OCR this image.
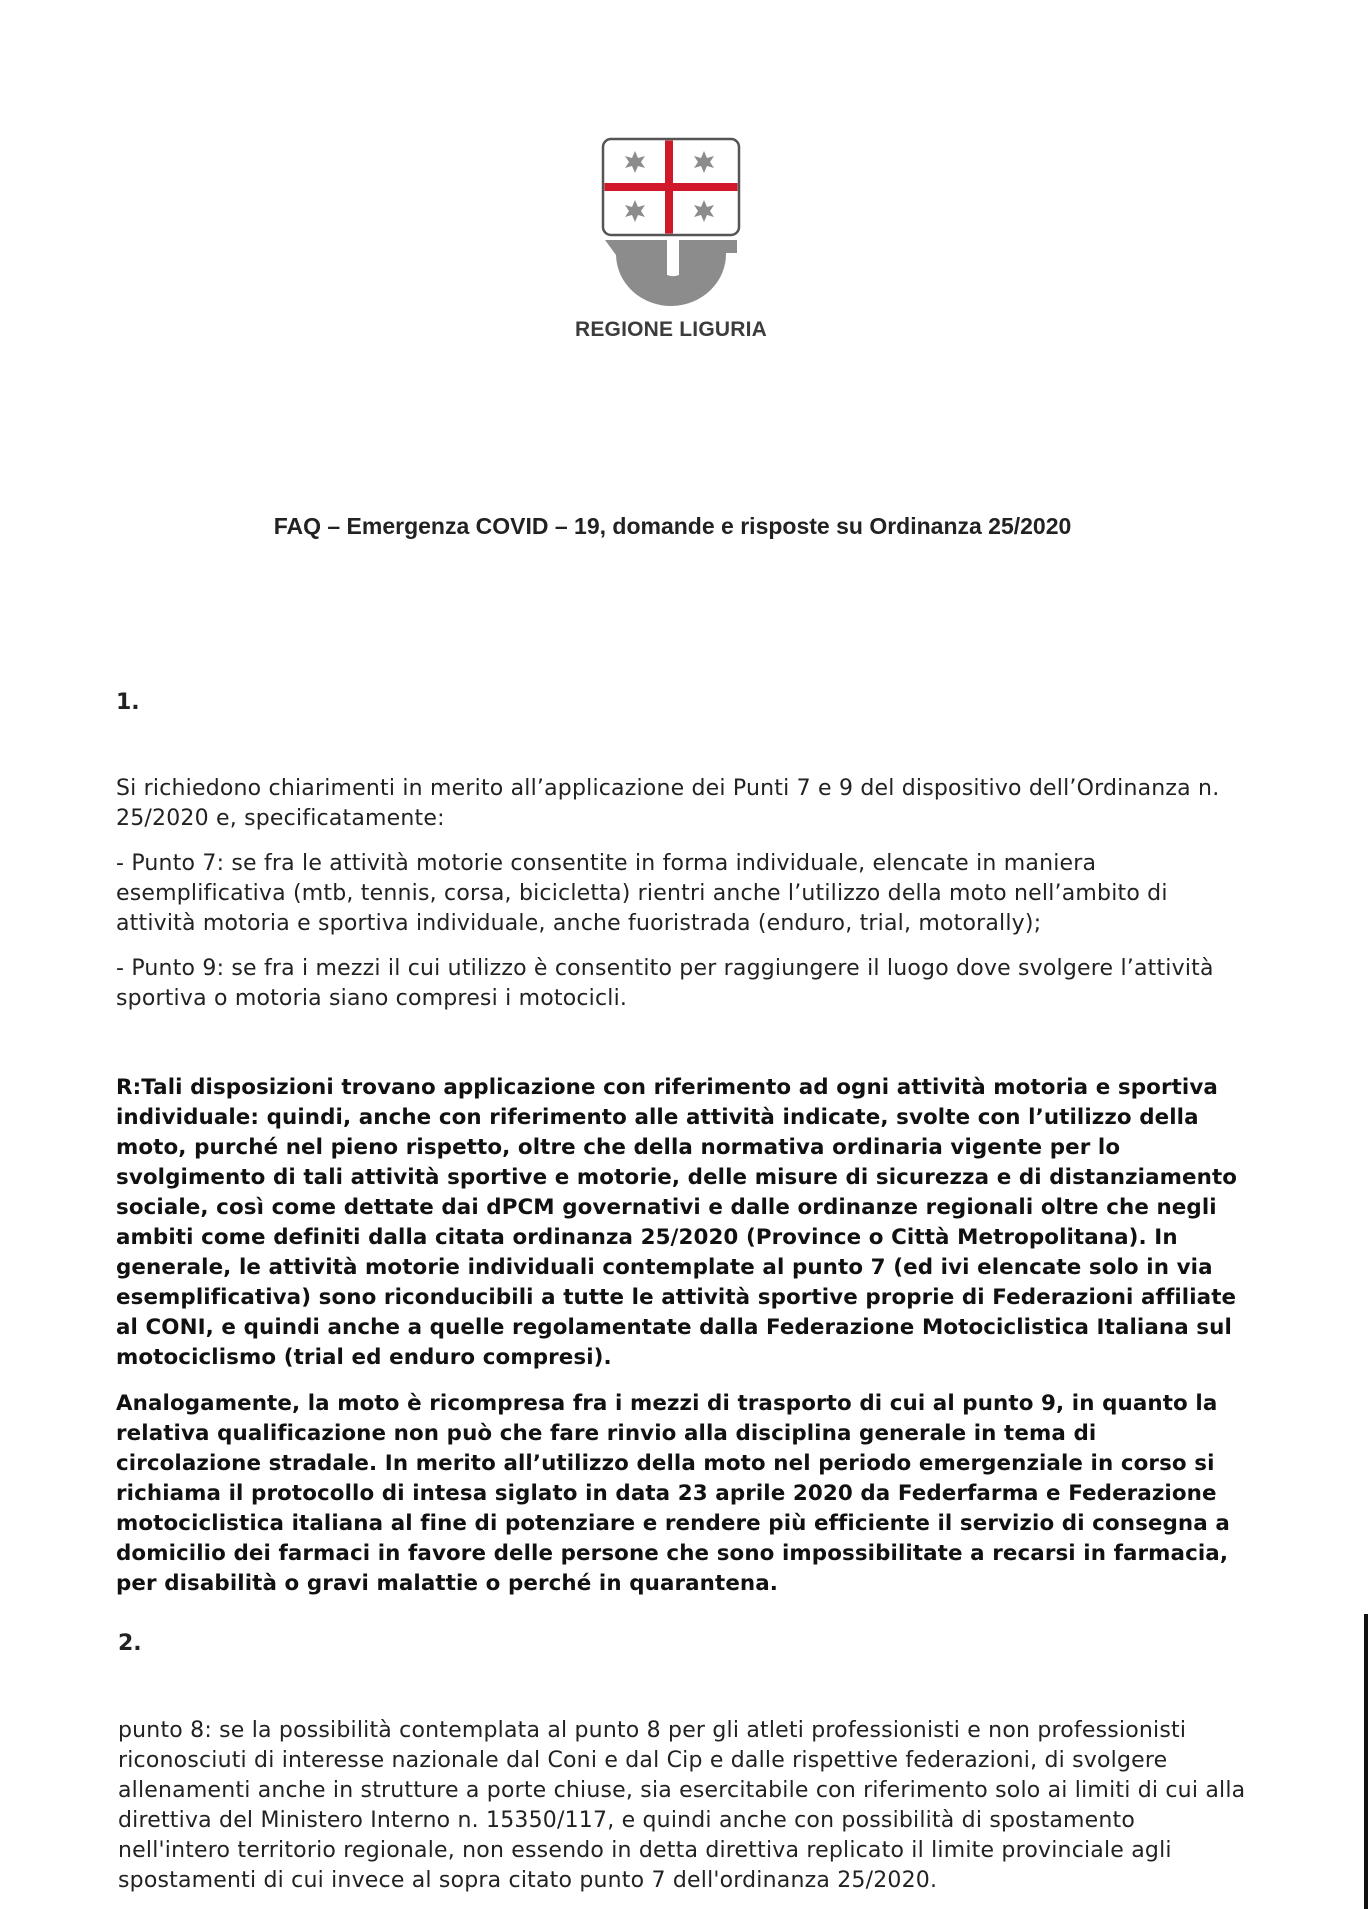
REGIONE LIGURIA
FAQ – Emergenza COVID – 19, domande e risposte su Ordinanza 25/2020
1.

Si richiedono chiarimenti in merito all’applicazione dei Punti 7 e 9 del dispositivo dell’Ordinanza n. 25/2020 e, specificatamente:

- Punto 7: se fra le attività motorie consentite in forma individuale, elencate in maniera esemplificativa (mtb, tennis, corsa, bicicletta) rientri anche l’utilizzo della moto nell’ambito di attività motoria e sportiva individuale, anche fuoristrada (enduro, trial, motorally);

- Punto 9: se fra i mezzi il cui utilizzo è consentito per raggiungere il luogo dove svolgere l’attività sportiva o motoria siano compresi i motocicli.

R:Tali disposizioni trovano applicazione con riferimento ad ogni attività motoria e sportiva individuale: quindi, anche con riferimento alle attività indicate, svolte con l’utilizzo della moto, purché nel pieno rispetto, oltre che della normativa ordinaria vigente per lo svolgimento di tali attività sportive e motorie, delle misure di sicurezza e di distanziamento sociale, così come dettate dai dPCM governativi e dalle ordinanze regionali oltre che negli ambiti come definiti dalla citata ordinanza 25/2020 (Province o Città Metropolitana). In generale, le attività motorie individuali contemplate al punto 7 (ed ivi elencate solo in via esemplificativa) sono riconducibili a tutte le attività sportive proprie di Federazioni affiliate al CONI, e quindi anche a quelle regolamentate dalla Federazione Motociclistica Italiana sul motociclismo (trial ed enduro compresi).

Analogamente, la moto è ricompresa fra i mezzi di trasporto di cui al punto 9, in quanto la relativa qualificazione non può che fare rinvio alla disciplina generale in tema di circolazione stradale. In merito all’utilizzo della moto nel periodo emergenziale in corso si richiama il protocollo di intesa siglato in data 23 aprile 2020 da Federfarma e Federazione motociclistica italiana al fine di potenziare e rendere più efficiente il servizio di consegna a domicilio dei farmaci in favore delle persone che sono impossibilitate a recarsi in farmacia, per disabilità o gravi malattie o perché in quarantena.

2.

punto 8: se la possibilità contemplata al punto 8 per gli atleti professionisti e non professionisti riconosciuti di interesse nazionale dal Coni e dal Cip e dalle rispettive federazioni, di svolgere allenamenti anche in strutture a porte chiuse, sia esercitabile con riferimento solo ai limiti di cui alla direttiva del Ministero Interno n. 15350/117, e quindi anche con possibilità di spostamento nell'intero territorio regionale, non essendo in detta direttiva replicato il limite provinciale agli spostamenti di cui invece al sopra citato punto 7 dell'ordinanza 25/2020.
